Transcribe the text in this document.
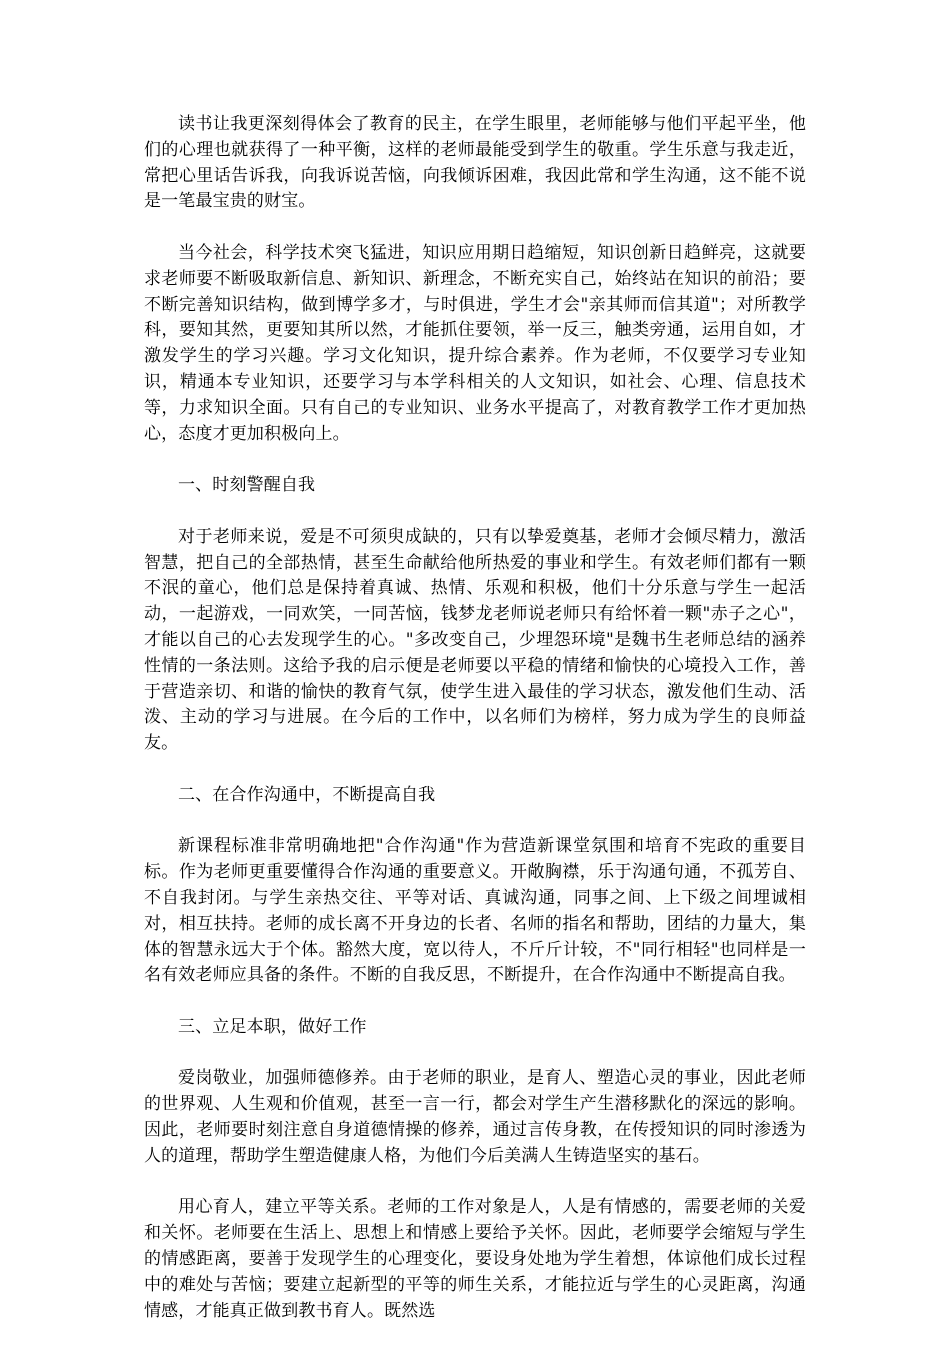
读书让我更深刻得体会了教育的民主，在学生眼里，老师能够与他们平起平坐，他们的心理也就获得了一种平衡，这样的老师最能受到学生的敬重。学生乐意与我走近，常把心里话告诉我，向我诉说苦恼，向我倾诉困难，我因此常和学生沟通，这不能不说是一笔最宝贵的财宝。

当今社会，科学技术突飞猛进，知识应用期日趋缩短，知识创新日趋鲜亮，这就要求老师要不断吸取新信息、新知识、新理念，不断充实自己，始终站在知识的前沿；要不断完善知识结构，做到博学多才，与时俱进，学生才会"亲其师而信其道"；对所教学科，要知其然，更要知其所以然，才能抓住要领，举一反三，触类旁通，运用自如，才激发学生的学习兴趣。学习文化知识，提升综合素养。作为老师，不仅要学习专业知识，精通本专业知识，还要学习与本学科相关的人文知识，如社会、心理、信息技术等，力求知识全面。只有自己的专业知识、业务水平提高了，对教育教学工作才更加热心，态度才更加积极向上。

一、时刻警醒自我

对于老师来说，爱是不可须臾成缺的，只有以挚爱奠基，老师才会倾尽精力，激活智慧，把自己的全部热情，甚至生命献给他所热爱的事业和学生。有效老师们都有一颗不泯的童心，他们总是保持着真诚、热情、乐观和积极，他们十分乐意与学生一起活动，一起游戏，一同欢笑，一同苦恼，钱梦龙老师说老师只有给怀着一颗"赤子之心"，才能以自己的心去发现学生的心。"多改变自己，少埋怨环境"是魏书生老师总结的涵养性情的一条法则。这给予我的启示便是老师要以平稳的情绪和愉快的心境投入工作，善于营造亲切、和谐的愉快的教育气氛，使学生进入最佳的学习状态，激发他们生动、活泼、主动的学习与进展。在今后的工作中，以名师们为榜样，努力成为学生的良师益友。

二、在合作沟通中，不断提高自我

新课程标准非常明确地把"合作沟通"作为营造新课堂氛围和培育不宪政的重要目标。作为老师更重要懂得合作沟通的重要意义。开敞胸襟，乐于沟通句通，不孤芳自、不自我封闭。与学生亲热交往、平等对话、真诚沟通，同事之间、上下级之间埋诚相对，相互扶持。老师的成长离不开身边的长者、名师的指名和帮助，团结的力量大，集体的智慧永远大于个体。豁然大度，宽以待人，不斤斤计较，不"同行相轻"也同样是一名有效老师应具备的条件。不断的自我反思，不断提升，在合作沟通中不断提高自我。

三、立足本职，做好工作

爱岗敬业，加强师德修养。由于老师的职业，是育人、塑造心灵的事业，因此老师的世界观、人生观和价值观，甚至一言一行，都会对学生产生潜移默化的深远的影响。因此，老师要时刻注意自身道德情操的修养，通过言传身教，在传授知识的同时渗透为人的道理，帮助学生塑造健康人格，为他们今后美满人生铸造坚实的基石。

用心育人，建立平等关系。老师的工作对象是人，人是有情感的，需要老师的关爱和关怀。老师要在生活上、思想上和情感上要给予关怀。因此，老师要学会缩短与学生的情感距离，要善于发现学生的心理变化，要设身处地为学生着想，体谅他们成长过程中的难处与苦恼；要建立起新型的平等的师生关系，才能拉近与学生的心灵距离，沟通情感，才能真正做到教书育人。既然选
